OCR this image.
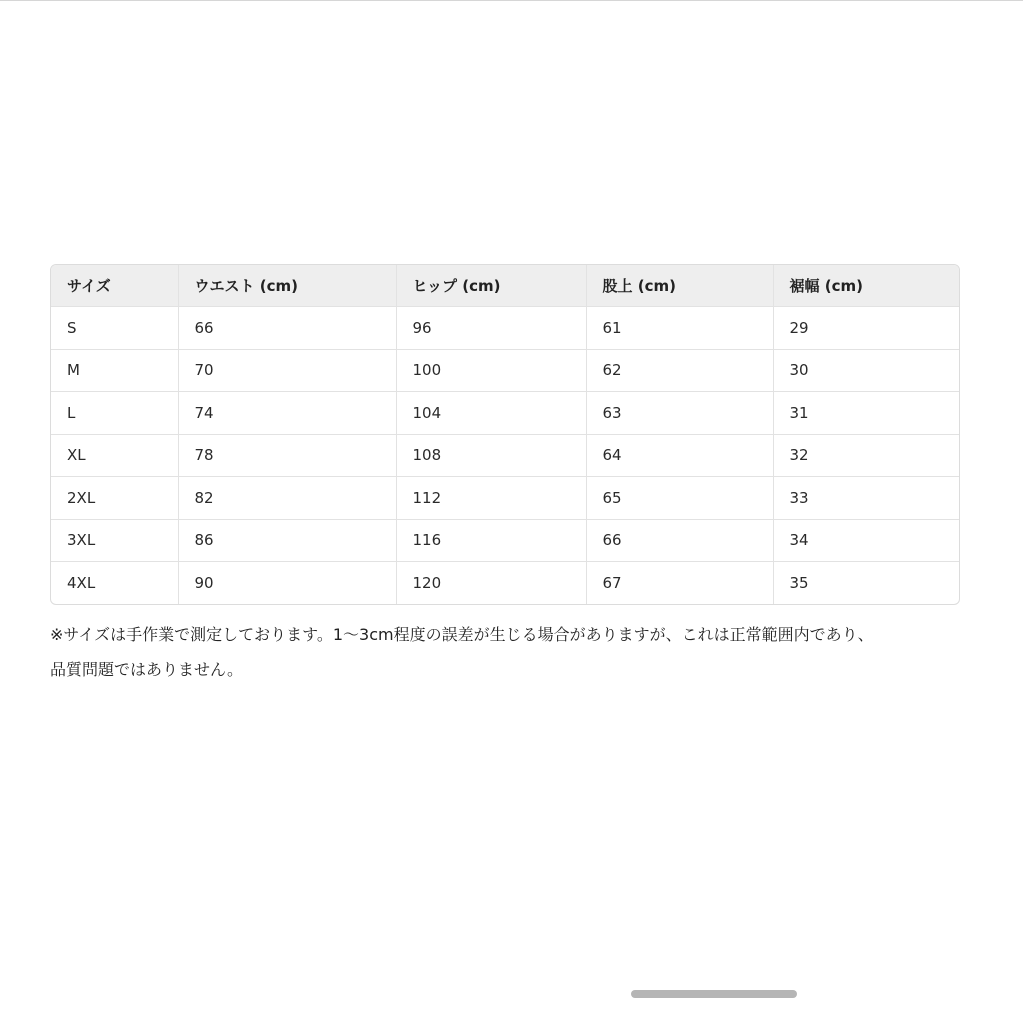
サイズ	ウエスト (cm)	ヒップ (cm)	股上 (cm)	裾幅 (cm)
S	66	96	61	29
M	70	100	62	30
L	74	104	63	31
XL	78	108	64	32
2XL	82	112	65	33
3XL	86	116	66	34
4XL	90	120	67	35

※サイズは手作業で測定しております。1〜3cm程度の誤差が生じる場合がありますが、これは正常範囲内であり、
品質問題ではありません。
